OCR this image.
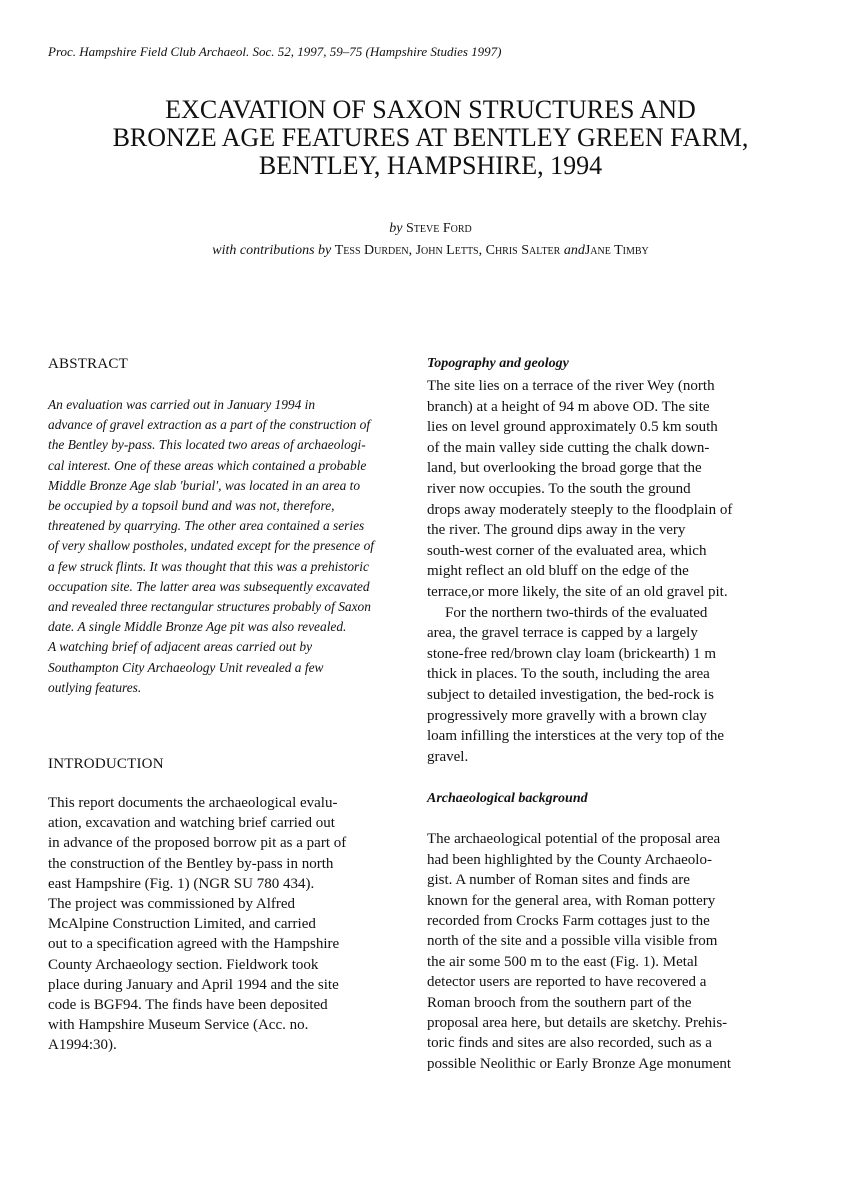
Proc. Hampshire Field Club Archaeol. Soc. 52, 1997, 59–75 (Hampshire Studies 1997)
EXCAVATION OF SAXON STRUCTURES AND
BRONZE AGE FEATURES AT BENTLEY GREEN FARM,
BENTLEY, HAMPSHIRE, 1994
by Steve Ford
with contributions by Tess Durden, John Letts, Chris Salter andJane Timby
ABSTRACT
An evaluation was carried out in January 1994 in
advance of gravel extraction as a part of the construction of
the Bentley by-pass. This located two areas of archaeologi-
cal interest. One of these areas which contained a probable
Middle Bronze Age slab 'burial', was located in an area to
be occupied by a topsoil bund and was not, therefore,
threatened by quarrying. The other area contained a series
of very shallow postholes, undated except for the presence of
a few struck flints. It was thought that this was a prehistoric
occupation site. The latter area was subsequently excavated
and revealed three rectangular structures probably of Saxon
date. A single Middle Bronze Age pit was also revealed.
A watching brief of adjacent areas carried out by
Southampton City Archaeology Unit revealed a few
outlying features.
INTRODUCTION
This report documents the archaeological evalu-
ation, excavation and watching brief carried out
in advance of the proposed borrow pit as a part of
the construction of the Bentley by-pass in north
east Hampshire (Fig. 1) (NGR SU 780 434).
The project was commissioned by Alfred
McAlpine Construction Limited, and carried
out to a specification agreed with the Hampshire
County Archaeology section. Fieldwork took
place during January and April 1994 and the site
code is BGF94. The finds have been deposited
with Hampshire Museum Service (Acc. no.
A1994:30).
Topography and geology
The site lies on a terrace of the river Wey (north
branch) at a height of 94 m above OD. The site
lies on level ground approximately 0.5 km south
of the main valley side cutting the chalk down-
land, but overlooking the broad gorge that the
river now occupies. To the south the ground
drops away moderately steeply to the floodplain of
the river. The ground dips away in the very
south-west corner of the evaluated area, which
might reflect an old bluff on the edge of the
terrace,or more likely, the site of an old gravel pit.
For the northern two-thirds of the evaluated
area, the gravel terrace is capped by a largely
stone-free red/brown clay loam (brickearth) 1 m
thick in places. To the south, including the area
subject to detailed investigation, the bed-rock is
progressively more gravelly with a brown clay
loam infilling the interstices at the very top of the
gravel.
Archaeological background
The archaeological potential of the proposal area
had been highlighted by the County Archaeolo-
gist. A number of Roman sites and finds are
known for the general area, with Roman pottery
recorded from Crocks Farm cottages just to the
north of the site and a possible villa visible from
the air some 500 m to the east (Fig. 1). Metal
detector users are reported to have recovered a
Roman brooch from the southern part of the
proposal area here, but details are sketchy. Prehis-
toric finds and sites are also recorded, such as a
possible Neolithic or Early Bronze Age monument
